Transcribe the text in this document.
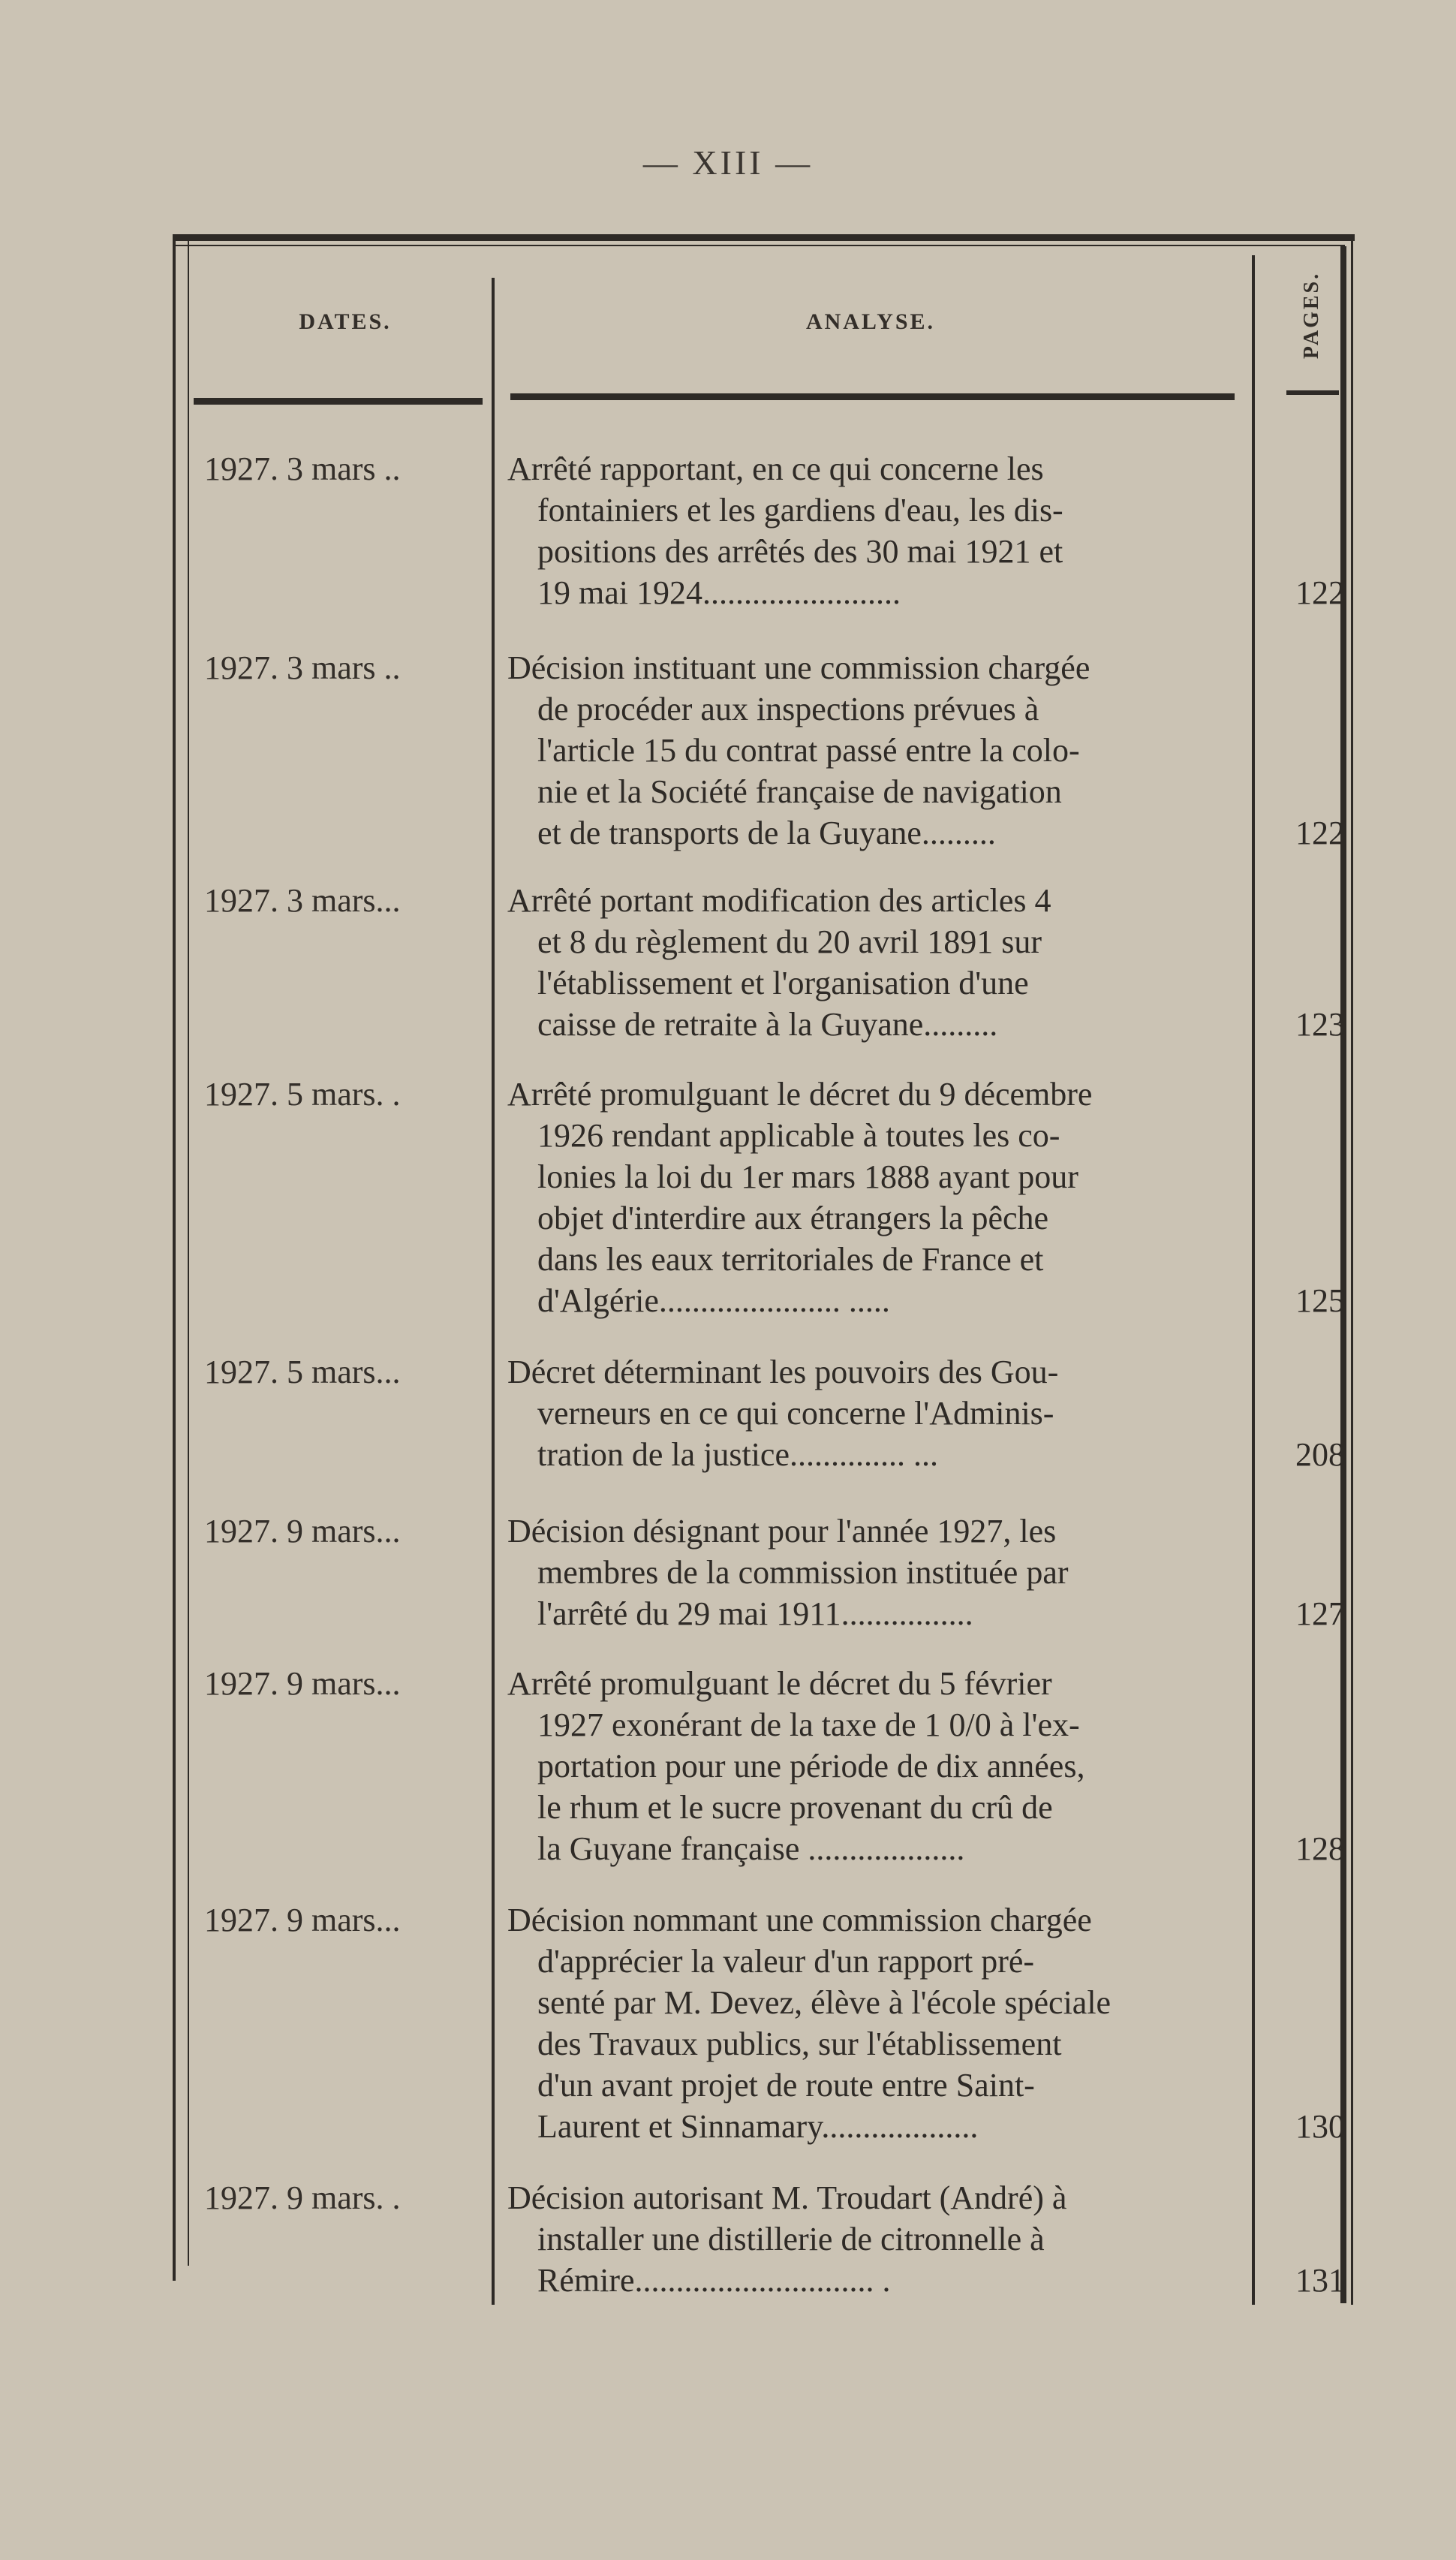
— XIII —
DATES.	ANALYSE.	PAGES.
1927. 3 mars ..	Arrêté rapportant, en ce qui concerne les
fontainiers et les gardiens d'eau, les dis-
positions des arrêtés des 30 mai 1921 et
19 mai 1924........................	122
1927. 3 mars ..	Décision instituant une commission chargée
de procéder aux inspections prévues à
l'article 15 du contrat passé entre la colo-
nie et la Société française de navigation
et de transports de la Guyane.........	122
1927. 3 mars...	Arrêté portant modification des articles 4
et 8 du règlement du 20 avril 1891 sur
l'établissement et l'organisation d'une
caisse de retraite à la Guyane.........	123
1927. 5 mars. .	Arrêté promulguant le décret du 9 décembre
1926 rendant applicable à toutes les co-
lonies la loi du 1er mars 1888 ayant pour
objet d'interdire aux étrangers la pêche
dans les eaux territoriales de France et
d'Algérie...................... .....	125
1927. 5 mars...	Décret déterminant les pouvoirs des Gou-
verneurs en ce qui concerne l'Adminis-
tration de la justice.............. ...	208
1927. 9 mars...	Décision désignant pour l'année 1927, les
membres de la commission instituée par
l'arrêté du 29 mai 1911................	127
1927. 9 mars...	Arrêté promulguant le décret du 5 février
1927 exonérant de la taxe de 1 0/0 à l'ex-
portation pour une période de dix années,
le rhum et le sucre provenant du crû de
la Guyane française ...................	128
1927. 9 mars...	Décision nommant une commission chargée
d'apprécier la valeur d'un rapport pré-
senté par M. Devez, élève à l'école spéciale
des Travaux publics, sur l'établissement
d'un avant projet de route entre Saint-
Laurent et Sinnamary...................	130
1927. 9 mars. .	Décision autorisant M. Troudart (André) à
installer une distillerie de citronnelle à
Rémire............................. .	131
